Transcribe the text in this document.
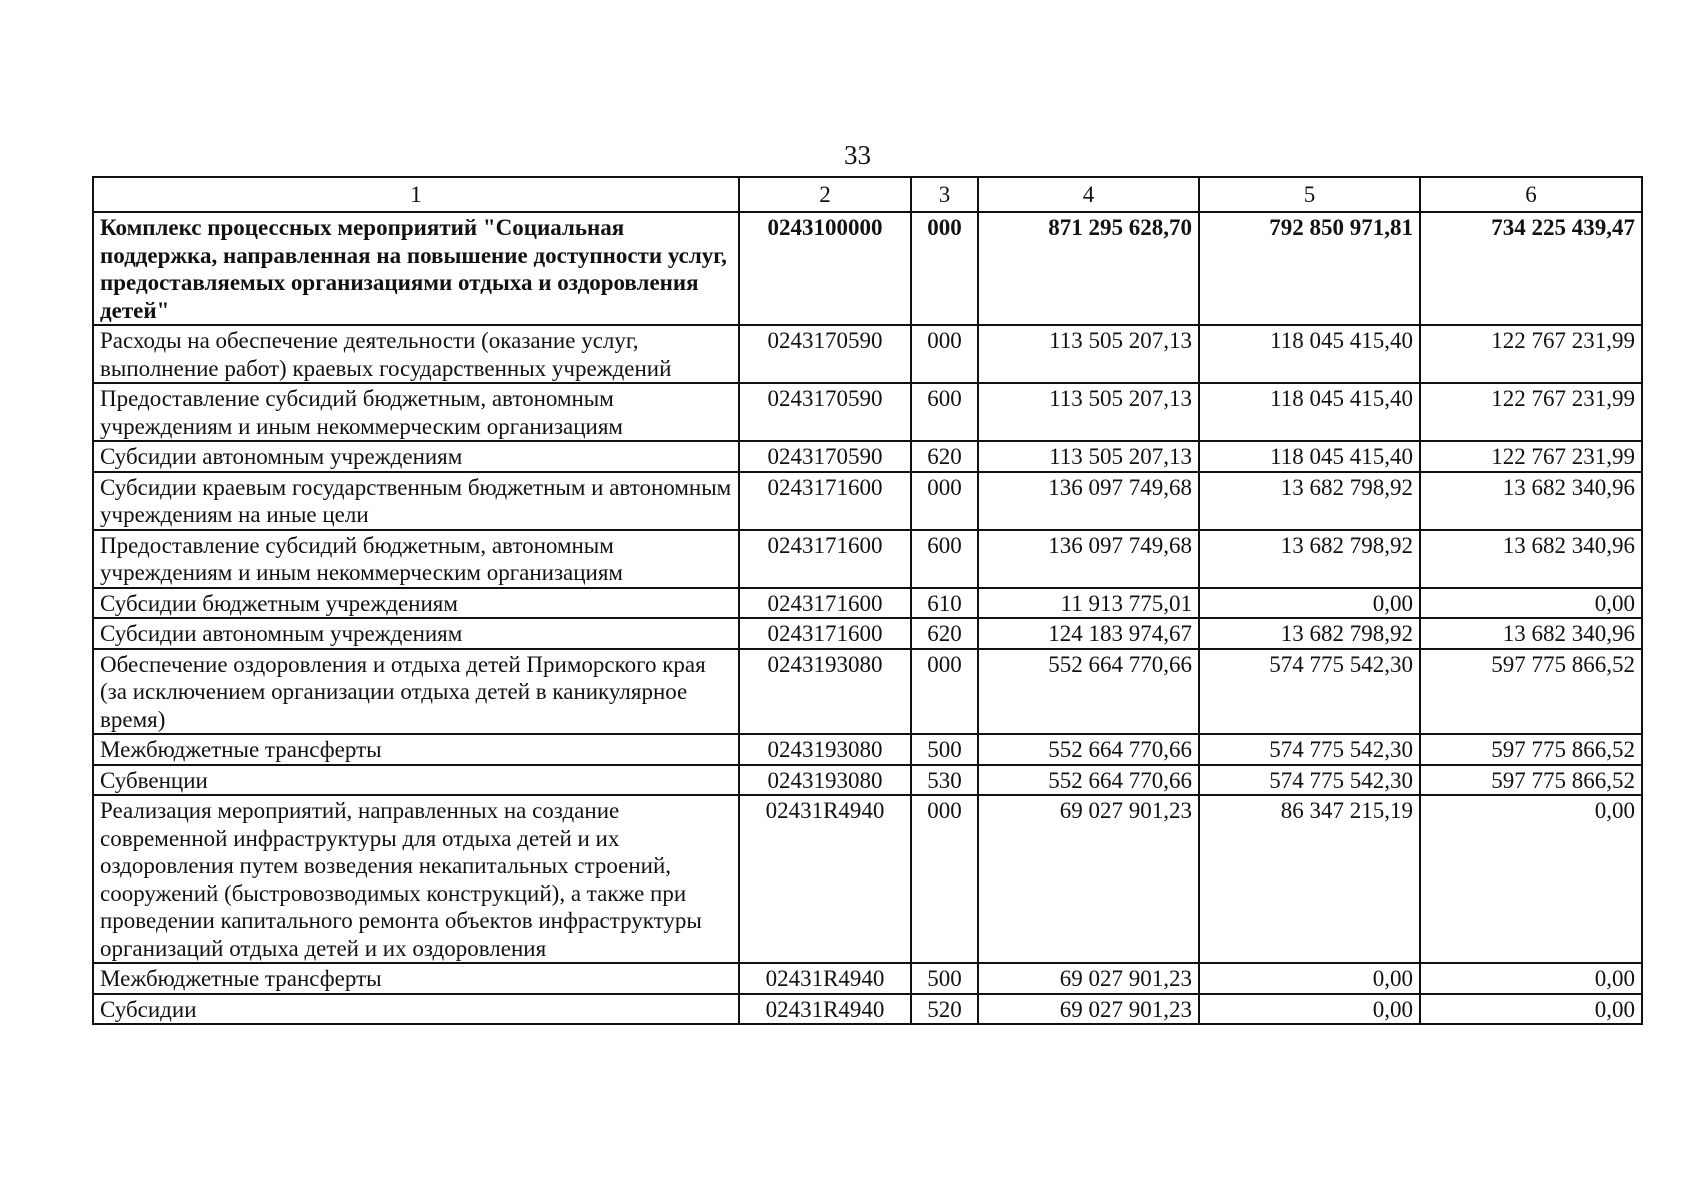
33
1	2	3	4	5	6
Комплекс процессных мероприятий "Социальная поддержка, направленная на повышение доступности услуг, предоставляемых организациями отдыха и оздоровления детей"	0243100000	000	871 295 628,70	792 850 971,81	734 225 439,47
Расходы на обеспечение деятельности (оказание услуг, выполнение работ) краевых государственных учреждений	0243170590	000	113 505 207,13	118 045 415,40	122 767 231,99
Предоставление субсидий бюджетным, автономным учреждениям и иным некоммерческим организациям	0243170590	600	113 505 207,13	118 045 415,40	122 767 231,99
Субсидии автономным учреждениям	0243170590	620	113 505 207,13	118 045 415,40	122 767 231,99
Субсидии краевым государственным бюджетным и автономным учреждениям на иные цели	0243171600	000	136 097 749,68	13 682 798,92	13 682 340,96
Предоставление субсидий бюджетным, автономным учреждениям и иным некоммерческим организациям	0243171600	600	136 097 749,68	13 682 798,92	13 682 340,96
Субсидии бюджетным учреждениям	0243171600	610	11 913 775,01	0,00	0,00
Субсидии автономным учреждениям	0243171600	620	124 183 974,67	13 682 798,92	13 682 340,96
Обеспечение оздоровления и отдыха детей Приморского края (за исключением организации отдыха детей в каникулярное время)	0243193080	000	552 664 770,66	574 775 542,30	597 775 866,52
Межбюджетные трансферты	0243193080	500	552 664 770,66	574 775 542,30	597 775 866,52
Субвенции	0243193080	530	552 664 770,66	574 775 542,30	597 775 866,52
Реализация мероприятий, направленных на создание современной инфраструктуры для отдыха детей и их оздоровления путем возведения некапитальных строений, сооружений (быстровозводимых конструкций), а также при проведении капитального ремонта объектов инфраструктуры организаций отдыха детей и их оздоровления	02431R4940	000	69 027 901,23	86 347 215,19	0,00
Межбюджетные трансферты	02431R4940	500	69 027 901,23	0,00	0,00
Субсидии	02431R4940	520	69 027 901,23	0,00	0,00
